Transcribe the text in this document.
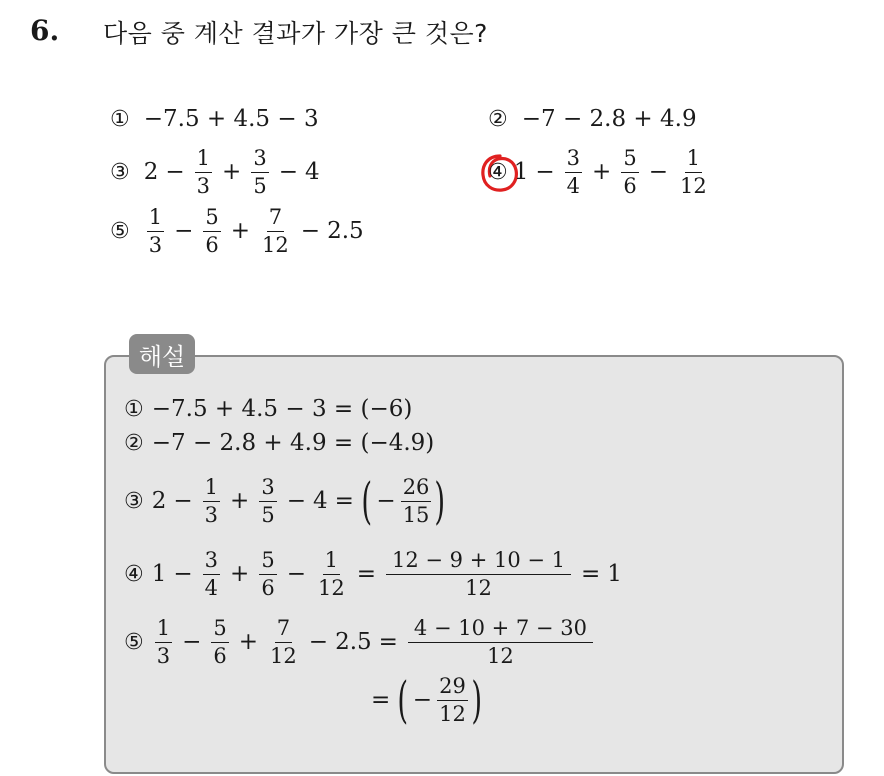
6. 다음 중 계산 결과가 가장 큰 것은?
① −7.5 + 4.5 − 3	② −7 − 2.8 + 4.9
③ $2 - \frac{1}{3} + \frac{3}{5} - 4$	④ $1 - \frac{3}{4} + \frac{5}{6} - \frac{1}{12}$
⑤ $\frac{1}{3} - \frac{5}{6} + \frac{7}{12} - 2.5$
해설
① −7.5 + 4.5 − 3 = (−6)
② −7 − 2.8 + 4.9 = (−4.9)
③ $2 - \frac{1}{3} + \frac{3}{5} - 4$ = ( − $\frac{26}{15}$ )
④ $1 - \frac{3}{4} + \frac{5}{6} - \frac{1}{12} = \frac{12 - 9 + 10 - 1}{12} = 1$
⑤ $\frac{1}{3} - \frac{5}{6} + \frac{7}{12} - 2.5 = \frac{4 - 10 + 7 - 30}{12}$
= ( − $\frac{29}{12}$ )
